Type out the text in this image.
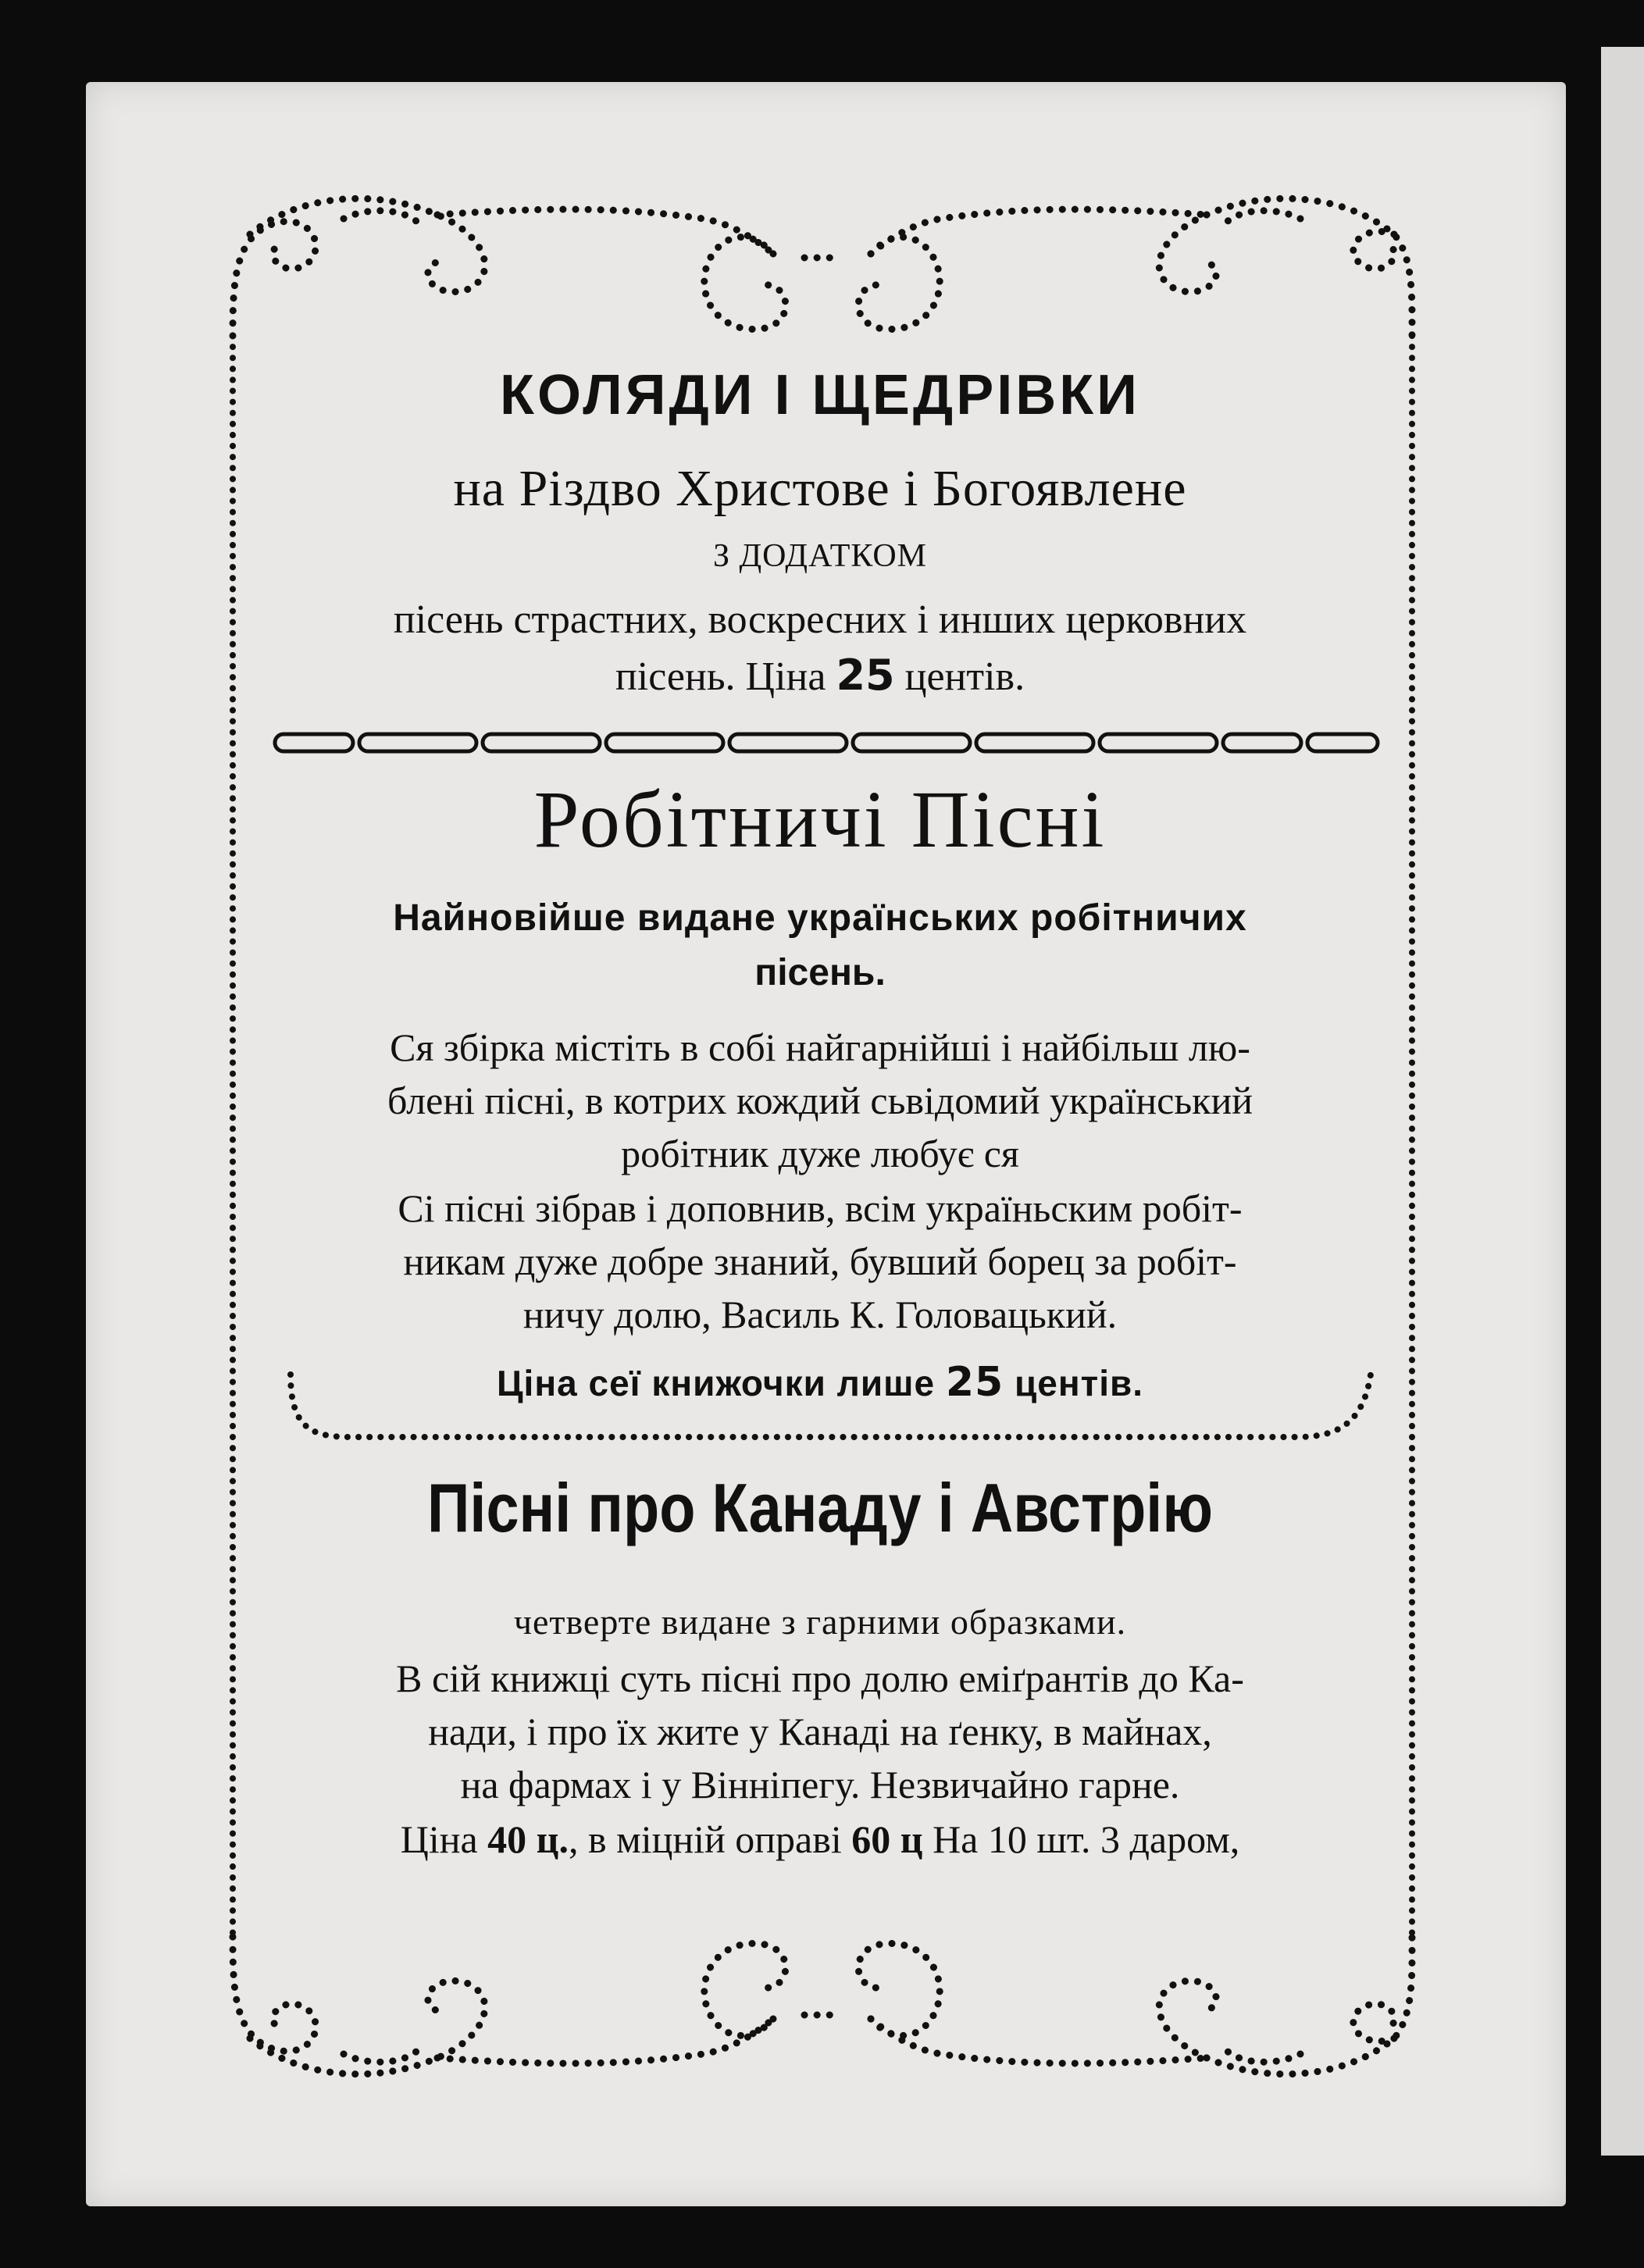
КОЛЯДИ І ЩЕДРІВКИ
на Різдво Христове і Богоявлене
З ДОДАТКОМ
пісень страстних, воскресних і инших церковних
пісень. Ціна 25 центів.
Робітничі Пісні
Найновійше видане українських робітничих
пісень.
Ся збірка містіть в собі найгарнійші і найбільш лю-
блені пісні, в котрих кождий сьвідомий український
робітник дуже любує ся
Сі пісні зібрав і доповнив, всім україньским робіт-
никам дуже добре знаний, бувший борец за робіт-
ничу долю, Василь К. Головацький.
Ціна сеї книжочки лише 25 центів.
Пісні про Канаду і Австрію
четверте видане з гарними образками.
В сій книжці суть пісні про долю еміґрантів до Ка-
нади, і про їх жите у Канаді на ґенку, в майнах,
на фармах і у Вінніпегу. Незвичайно гарне.
Ціна 40 ц., в міцній оправі 60 ц На 10 шт. 3 даром,
